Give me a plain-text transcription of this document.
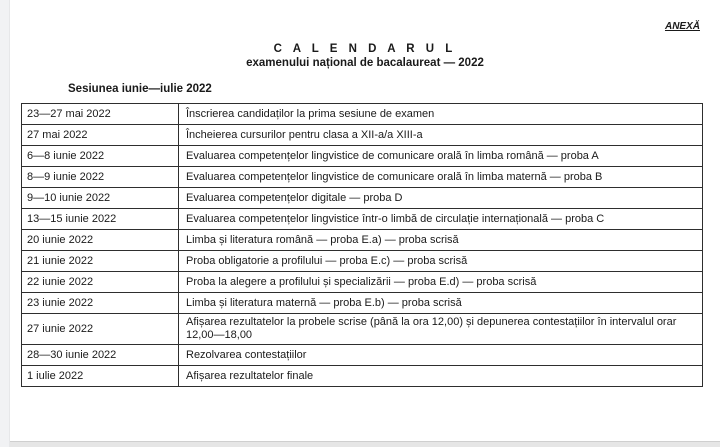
ANEXĂ
C A L E N D A R U L
examenului național de bacalaureat — 2022
Sesiunea iunie—iulie 2022
23—27 mai 2022	Înscrierea candidaților la prima sesiune de examen
27 mai 2022	Încheierea cursurilor pentru clasa a XII-a/a XIII-a
6—8 iunie 2022	Evaluarea competențelor lingvistice de comunicare orală în limba română — proba A
8—9 iunie 2022	Evaluarea competențelor lingvistice de comunicare orală în limba maternă — proba B
9—10 iunie 2022	Evaluarea competențelor digitale — proba D
13—15 iunie 2022	Evaluarea competențelor lingvistice într-o limbă de circulație internațională — proba C
20 iunie 2022	Limba și literatura română — proba E.a) — proba scrisă
21 iunie 2022	Proba obligatorie a profilului — proba E.c) — proba scrisă
22 iunie 2022	Proba la alegere a profilului și specializării — proba E.d) — proba scrisă
23 iunie 2022	Limba și literatura maternă — proba E.b) — proba scrisă
27 iunie 2022	Afișarea rezultatelor la probele scrise (până la ora 12,00) și depunerea contestațiilor în intervalul orar 12,00—18,00
28—30 iunie 2022	Rezolvarea contestațiilor
1 iulie 2022	Afișarea rezultatelor finale
